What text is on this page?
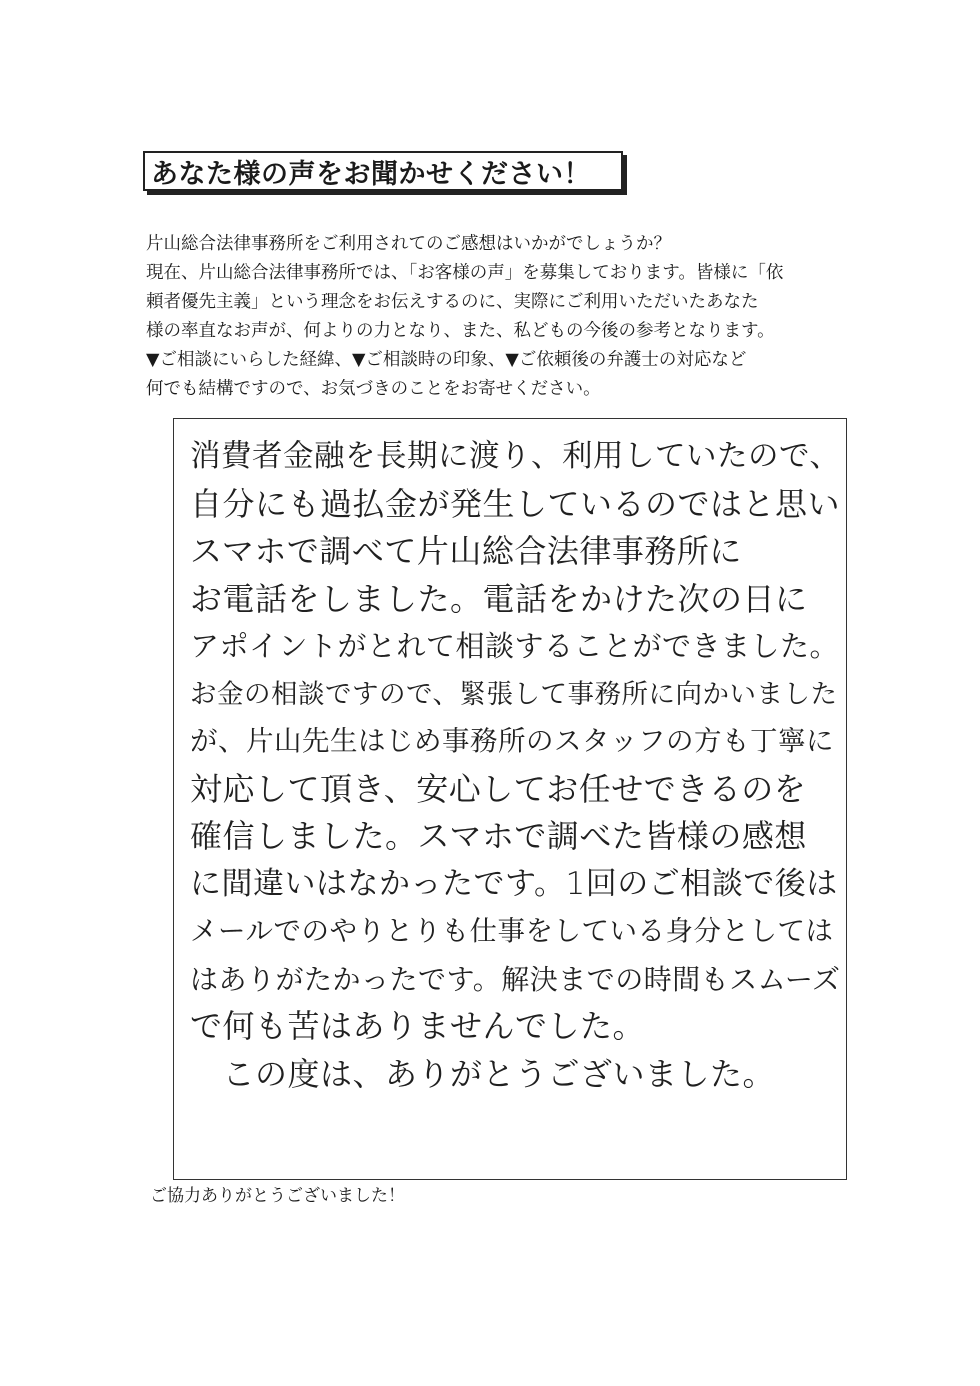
あなた様の声をお聞かせください！
片山総合法律事務所をご利用されてのご感想はいかがでしょうか？
現在、片山総合法律事務所では、「お客様の声」を募集しております。皆様に「依
頼者優先主義」という理念をお伝えするのに、実際にご利用いただいたあなた
様の率直なお声が、何よりの力となり、また、私どもの今後の参考となります。
▼ご相談にいらした経緯、▼ご相談時の印象、▼ご依頼後の弁護士の対応など
何でも結構ですので、お気づきのことをお寄せください。
消費者金融を長期に渡り、利用していたので、
自分にも過払金が発生しているのではと思い
スマホで調べて片山総合法律事務所に
お電話をしました。電話をかけた次の日に
アポイントがとれて相談することができました。
お金の相談ですので、緊張して事務所に向かいました
が、片山先生はじめ事務所のスタッフの方も丁寧に
対応して頂き、安心してお任せできるのを
確信しました。スマホで調べた皆様の感想
に間違いはなかったです。1回のご相談で後は
メールでのやりとりも仕事をしている身分としては
はありがたかったです。解決までの時間もスムーズ
で何も苦はありませんでした。
　この度は、ありがとうございました。
ご協力ありがとうございました！
